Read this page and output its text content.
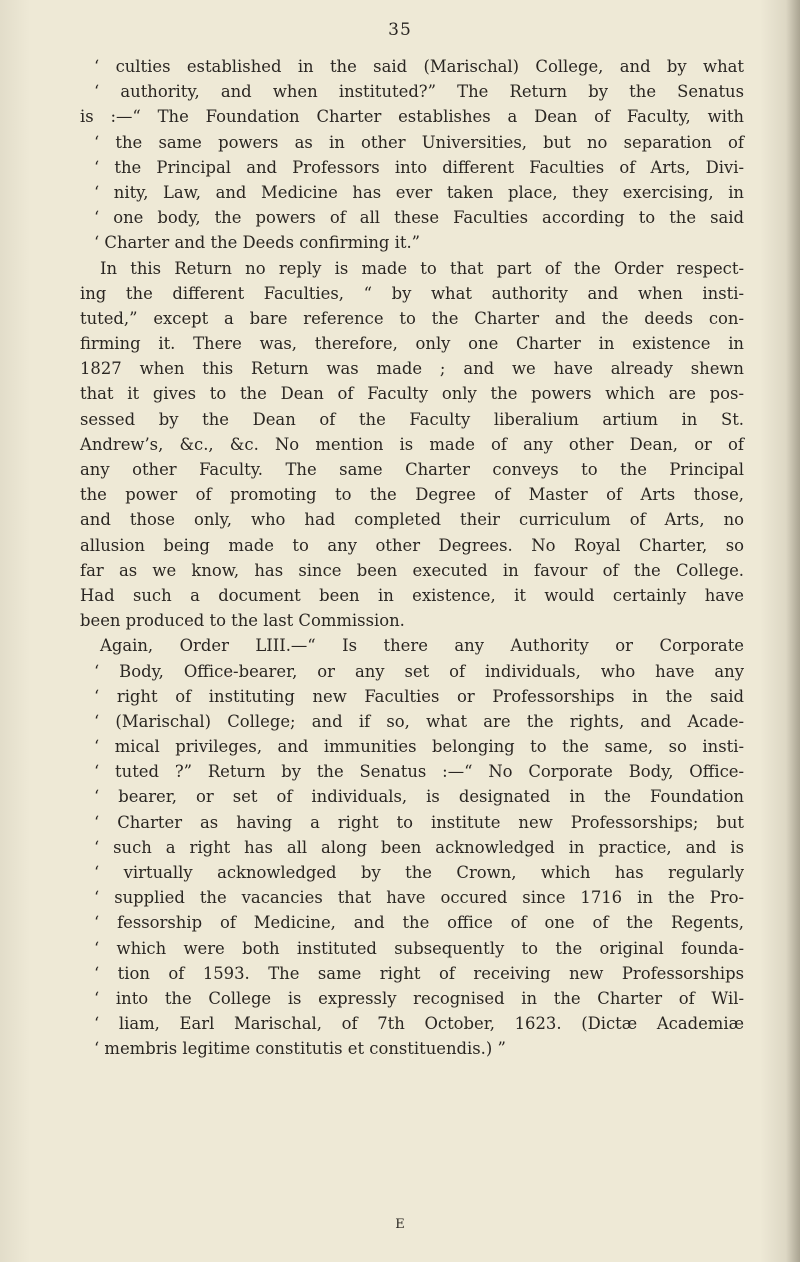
35
‘ culties established in the said (Marischal) College, and by what
‘ authority, and when instituted?” The Return by the Senatus
is :—“ The Foundation Charter establishes a Dean of Faculty, with
‘ the same powers as in other Universities, but no separation of
‘ the Principal and Professors into different Faculties of Arts, Divi-
‘ nity, Law, and Medicine has ever taken place, they exercising, in
‘ one body, the powers of all these Faculties according to the said
‘ Charter and the Deeds confirming it.”
In this Return no reply is made to that part of the Order respect-
ing the different Faculties, “ by what authority and when insti-
tuted,” except a bare reference to the Charter and the deeds con-
firming it. There was, therefore, only one Charter in existence in
1827 when this Return was made ; and we have already shewn
that it gives to the Dean of Faculty only the powers which are pos-
sessed by the Dean of the Faculty liberalium artium in St.
Andrew’s, &c., &c. No mention is made of any other Dean, or of
any other Faculty. The same Charter conveys to the Principal
the power of promoting to the Degree of Master of Arts those,
and those only, who had completed their curriculum of Arts, no
allusion being made to any other Degrees. No Royal Charter, so
far as we know, has since been executed in favour of the College.
Had such a document been in existence, it would certainly have
been produced to the last Commission.
Again, Order LIII.—“ Is there any Authority or Corporate
‘ Body, Office-bearer, or any set of individuals, who have any
‘ right of instituting new Faculties or Professorships in the said
‘ (Marischal) College; and if so, what are the rights, and Acade-
‘ mical privileges, and immunities belonging to the same, so insti-
‘ tuted ?” Return by the Senatus :—“ No Corporate Body, Office-
‘ bearer, or set of individuals, is designated in the Foundation
‘ Charter as having a right to institute new Professorships; but
‘ such a right has all along been acknowledged in practice, and is
‘ virtually acknowledged by the Crown, which has regularly
‘ supplied the vacancies that have occured since 1716 in the Pro-
‘ fessorship of Medicine, and the office of one of the Regents,
‘ which were both instituted subsequently to the original founda-
‘ tion of 1593. The same right of receiving new Professorships
‘ into the College is expressly recognised in the Charter of Wil-
‘ liam, Earl Marischal, of 7th October, 1623. (Dictæ Academiæ
‘ membris legitime constitutis et constituendis.) ”
E
